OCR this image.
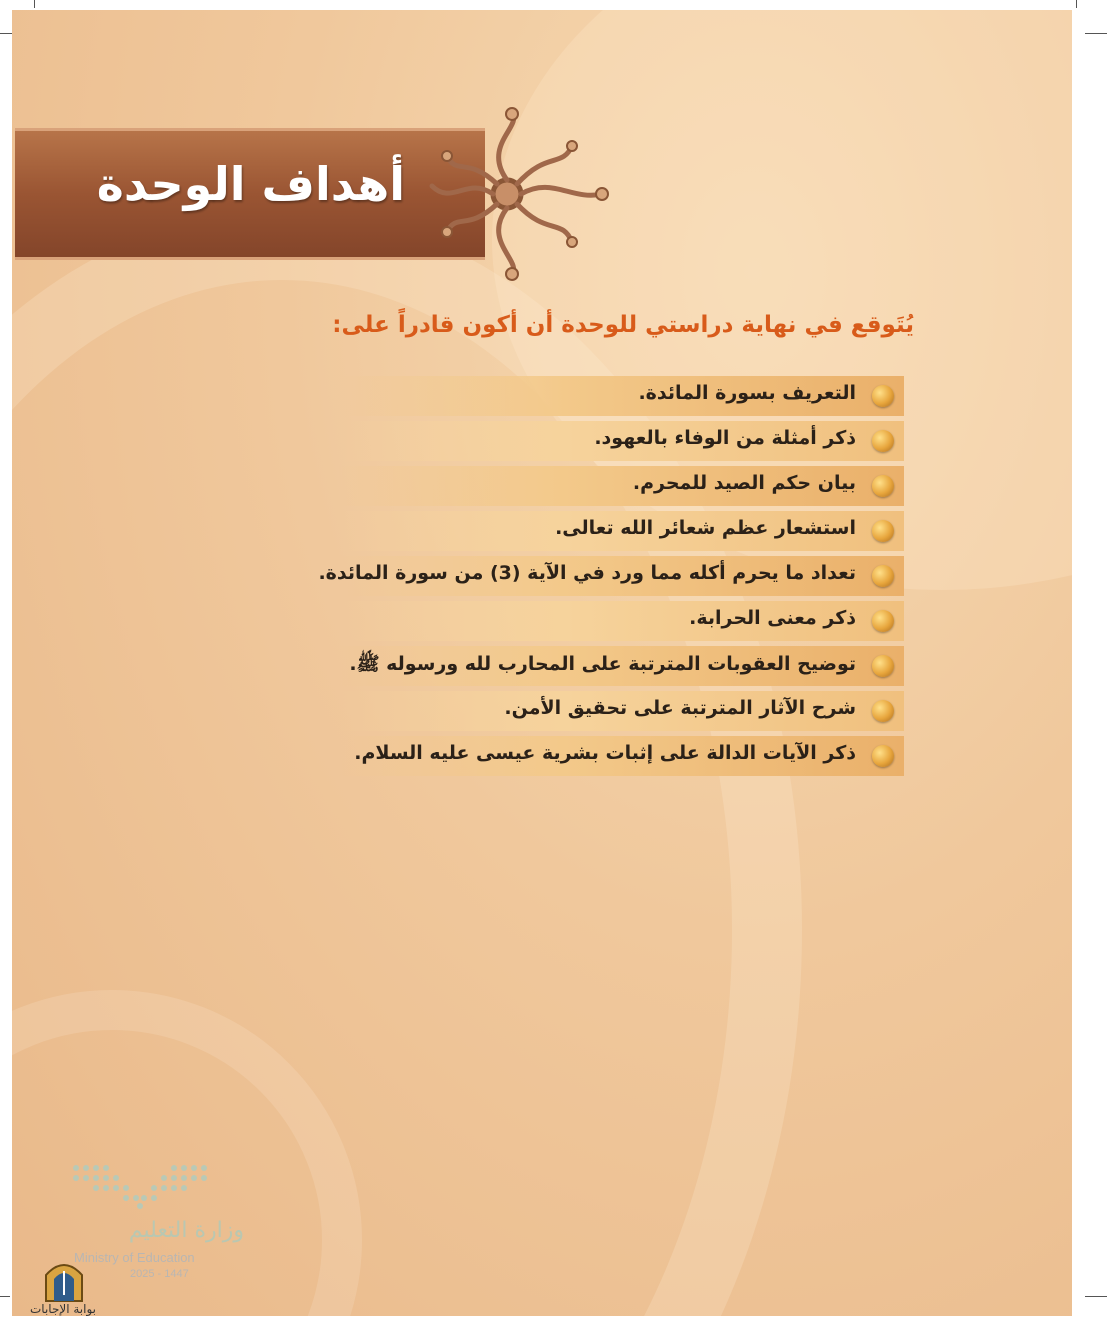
أهداف الوحدة
يُتَوقع في نهاية دراستي للوحدة أن أكون قادراً على:
التعريف بسورة المائدة.
ذكر أمثلة من الوفاء بالعهود.
بيان حكم الصيد للمحرم.
استشعار عظم شعائر الله تعالى.
تعداد ما يحرم أكله مما ورد في الآية (3) من سورة المائدة.
ذكر معنى الحرابة.
توضيح العقوبات المترتبة على المحارب لله ورسوله ﷺ.
شرح الآثار المترتبة على تحقيق الأمن.
ذكر الآيات الدالة على إثبات بشرية عيسى عليه السلام.
وزارة التعليم
Ministry of Education
2025 - 1447
بوابة الإجابات
